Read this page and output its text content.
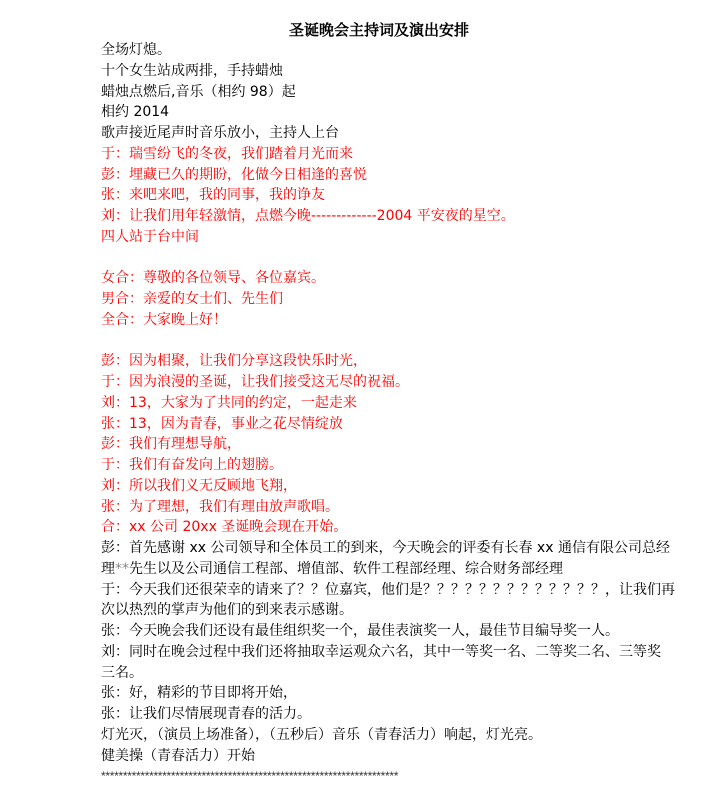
圣诞晚会主持词及演出安排
全场灯熄。
十个女生站成两排，手持蜡烛
蜡烛点燃后,音乐（相约 98）起
相约 2014
歌声接近尾声时音乐放小，主持人上台
于：瑞雪纷飞的冬夜，我们踏着月光而来
彭：埋藏已久的期盼，化做今日相逢的喜悦
张：来吧来吧，我的同事，我的诤友
刘：让我们用年轻激情，点燃今晚-------------2004 平安夜的星空。
四人站于台中间
女合：尊敬的各位领导、各位嘉宾。
男合：亲爱的女士们、先生们
全合：大家晚上好！
彭：因为相聚，让我们分享这段快乐时光，
于：因为浪漫的圣诞，让我们接受这无尽的祝福。
刘：13，大家为了共同的约定，一起走来
张：13，因为青春，事业之花尽情绽放
彭：我们有理想导航，
于：我们有奋发向上的翅膀。
刘：所以我们义无反顾地飞翔，
张：为了理想，我们有理由放声歌唱。
合：xx 公司 20xx 圣诞晚会现在开始。
彭：首先感谢 xx 公司领导和全体员工的到来，今天晚会的评委有长春 xx 通信有限公司总经
理**先生以及公司通信工程部、增值部、软件工程部经理、综合财务部经理
于：今天我们还很荣幸的请来了？？位嘉宾，他们是？？？？？？？？？？？？？，让我们再
次以热烈的掌声为他们的到来表示感谢。
张：今天晚会我们还设有最佳组织奖一个，最佳表演奖一人，最佳节目编导奖一人。
刘：同时在晚会过程中我们还将抽取幸运观众六名，其中一等奖一名、二等奖二名、三等奖
三名。
张：好，精彩的节目即将开始，
张：让我们尽情展现青春的活力。
灯光灭，（演员上场准备），（五秒后）音乐（青春活力）响起，灯光亮。
健美操（青春活力）开始
********************************************************************
